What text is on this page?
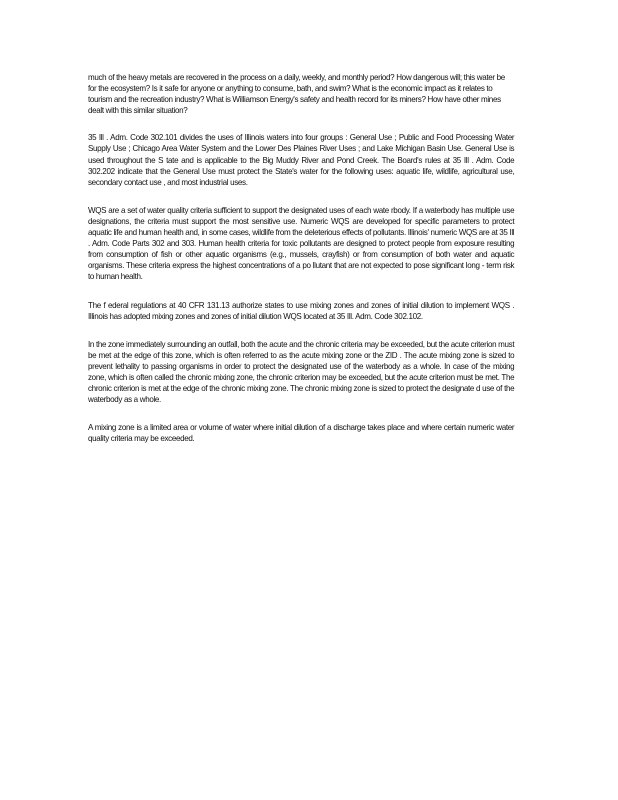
much of the heavy metals are recovered in the process on a daily, weekly, and monthly period? How dangerous will; this water be for the ecosystem? Is it safe for anyone or anything to consume, bath, and swim? What is the economic impact as it relates to tourism and the recreation industry? What is Williamson Energy's safety and health record for its miners? How have other mines dealt with this similar situation?

35 Ill . Adm. Code 302.101 divides the uses of Illinois waters into four groups : General Use ; Public and Food Processing Water Supply Use ; Chicago Area Water System and the Lower Des Plaines River Uses ; and Lake Michigan Basin Use. General Use is used throughout the S tate and is applicable to the Big Muddy River and Pond Creek. The Board's rules at 35 Ill . Adm. Code 302.202 indicate that the General Use must protect the State's water for the following uses: aquatic life, wildlife, agricultural use, secondary contact use , and most industrial uses.

WQS are a set of water quality criteria sufficient to support the designated uses of each wate rbody. If a waterbody has multiple use designations, the criteria must support the most sensitive use. Numeric WQS are developed for specific parameters to protect aquatic life and human health and, in some cases, wildlife from the deleterious effects of pollutants. Illinois' numeric WQS are at 35 Ill . Adm. Code Parts 302 and 303. Human health criteria for toxic pollutants are designed to protect people from exposure resulting from consumption of fish or other aquatic organisms (e.g., mussels, crayfish) or from consumption of both water and aquatic organisms. These criteria express the highest concentrations of a po llutant that are not expected to pose significant long - term risk to human health.

The f ederal regulations at 40 CFR 131.13 authorize states to use mixing zones and zones of initial dilution to implement WQS . Illinois has adopted mixing zones and zones of initial dilution WQS located at 35 Ill. Adm. Code 302.102.

In the zone immediately surrounding an outfall, both the acute and the chronic criteria may be exceeded, but the acute criterion must be met at the edge of this zone, which is often referred to as the acute mixing zone or the ZID . The acute mixing zone is sized to prevent lethality to passing organisms in order to protect the designated use of the waterbody as a whole. In case of the mixing zone, which is often called the chronic mixing zone, the chronic criterion may be exceeded, but the acute criterion must be met. The chronic criterion is met at the edge of the chronic mixing zone. The chronic mixing zone is sized to protect the designate d use of the waterbody as a whole.

A mixing zone is a limited area or volume of water where initial dilution of a discharge takes place and where certain numeric water quality criteria may be exceeded.
